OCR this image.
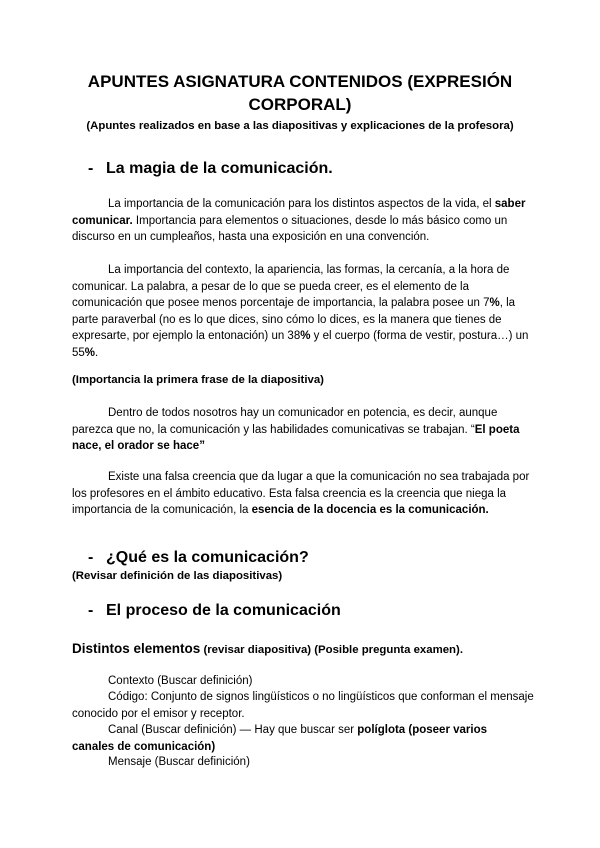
APUNTES ASIGNATURA CONTENIDOS (EXPRESIÓN CORPORAL)

(Apuntes realizados en base a las diapositivas y explicaciones de la profesora)

- La magia de la comunicación.

La importancia de la comunicación para los distintos aspectos de la vida, el saber comunicar. Importancia para elementos o situaciones, desde lo más básico como un discurso en un cumpleaños, hasta una exposición en una convención.

La importancia del contexto, la apariencia, las formas, la cercanía, a la hora de comunicar. La palabra, a pesar de lo que se pueda creer, es el elemento de la comunicación que posee menos porcentaje de importancia, la palabra posee un 7%, la parte paraverbal (no es lo que dices, sino cómo lo dices, es la manera que tienes de expresarte, por ejemplo la entonación) un 38% y el cuerpo (forma de vestir, postura…) un 55%.

(Importancia la primera frase de la diapositiva)

Dentro de todos nosotros hay un comunicador en potencia, es decir, aunque parezca que no, la comunicación y las habilidades comunicativas se trabajan. “El poeta nace, el orador se hace”

Existe una falsa creencia que da lugar a que la comunicación no sea trabajada por los profesores en el ámbito educativo. Esta falsa creencia es la creencia que niega la importancia de la comunicación, la esencia de la docencia es la comunicación.

- ¿Qué es la comunicación?

(Revisar definición de las diapositivas)

- El proceso de la comunicación

Distintos elementos (revisar diapositiva) (Posible pregunta examen).

Contexto (Buscar definición)

Código: Conjunto de signos lingüísticos o no lingüísticos que conforman el mensaje conocido por el emisor y receptor.

Canal (Buscar definición) — Hay que buscar ser políglota (poseer varios canales de comunicación)

Mensaje (Buscar definición)
